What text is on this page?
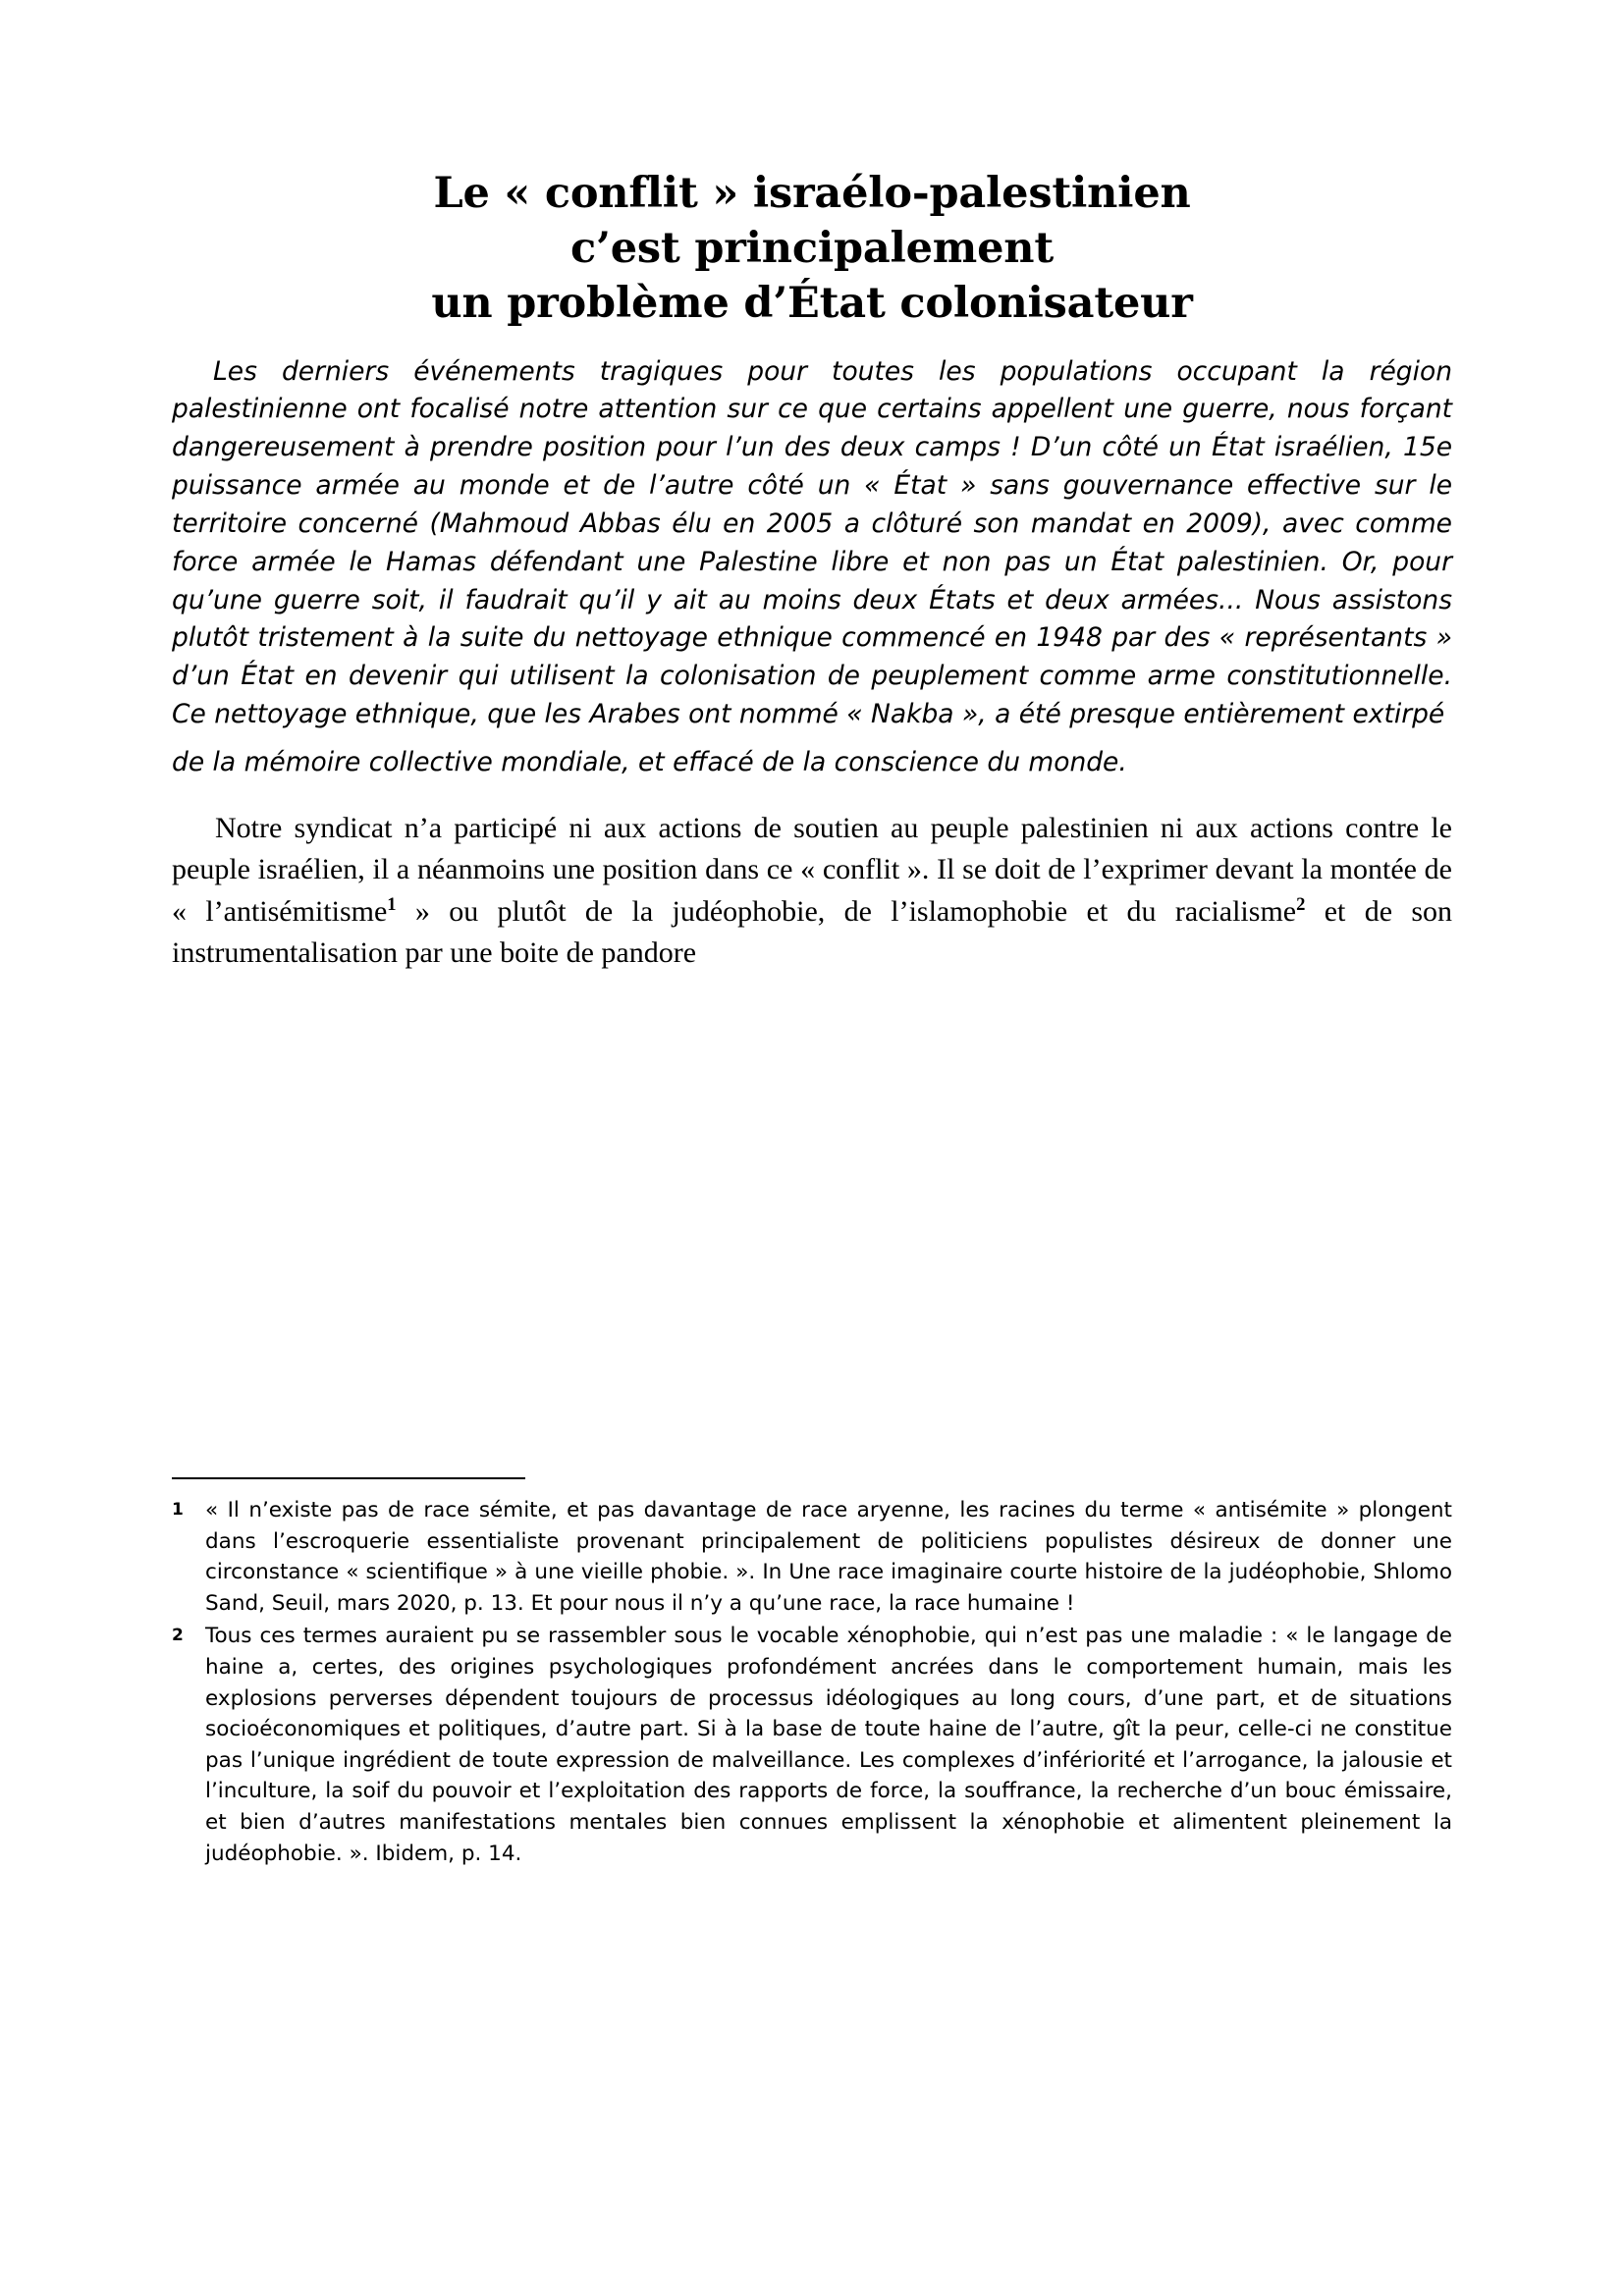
Le « conflit » israélo-palestinien
c’est principalement
un problème d’État colonisateur

Les derniers événements tragiques pour toutes les populations occupant la région palestinienne ont focalisé notre attention sur ce que certains appellent une guerre, nous forçant dangereusement à prendre position pour l’un des deux camps ! D’un côté un État israélien, 15e puissance armée au monde et de l’autre côté un « État » sans gouvernance effective sur le territoire concerné (Mahmoud Abbas élu en 2005 a clôturé son mandat en 2009), avec comme force armée le Hamas défendant une Palestine libre et non pas un État palestinien. Or, pour qu’une guerre soit, il faudrait qu’il y ait au moins deux États et deux armées... Nous assistons plutôt tristement à la suite du nettoyage ethnique commencé en 1948 par des « représentants » d’un État en devenir qui utilisent la colonisation de peuplement comme arme constitutionnelle. Ce nettoyage ethnique, que les Arabes ont nommé « Nakba », a été presque entièrement extirpé

de la mémoire collective mondiale, et effacé de la conscience du monde.

Notre syndicat n’a participé ni aux actions de soutien au peuple palestinien ni aux actions contre le peuple israélien, il a néanmoins une position dans ce « conflit ». Il se doit de l’exprimer devant la montée de « l’antisémitisme$^1$ » ou plutôt de la judéophobie, de l’islamophobie et du racialisme$^2$ et de son instrumentalisation par une boite de pandore

1	« Il n’existe pas de race sémite, et pas davantage de race aryenne, les racines du terme « antisémite » plongent dans l’escroquerie essentialiste provenant principalement de politiciens populistes désireux de donner une circonstance « scientifique » à une vieille phobie. ». In Une race imaginaire courte histoire de la judéophobie, Shlomo Sand, Seuil, mars 2020, p. 13. Et pour nous il n’y a qu’une race, la race humaine !
2	Tous ces termes auraient pu se rassembler sous le vocable xénophobie, qui n’est pas une maladie : « le langage de haine a, certes, des origines psychologiques profondément ancrées dans le comportement humain, mais les explosions perverses dépendent toujours de processus idéologiques au long cours, d’une part, et de situations socioéconomiques et politiques, d’autre part. Si à la base de toute haine de l’autre, gît la peur, celle-ci ne constitue pas l’unique ingrédient de toute expression de malveillance. Les complexes d’infériorité et l’arrogance, la jalousie et l’inculture, la soif du pouvoir et l’exploitation des rapports de force, la souffrance, la recherche d’un bouc émissaire, et bien d’autres manifestations mentales bien connues emplissent la xénophobie et alimentent pleinement la judéophobie. ». Ibidem, p. 14.
